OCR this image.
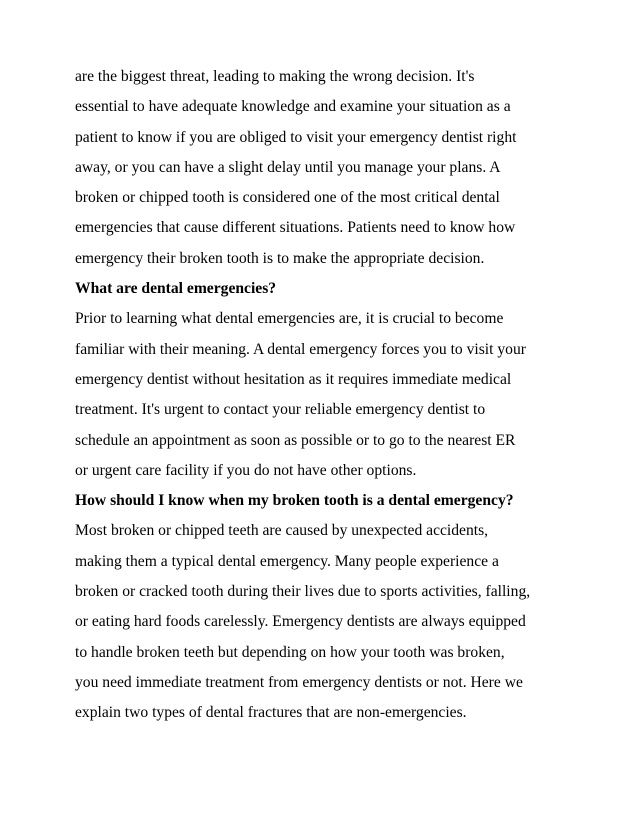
are the biggest threat, leading to making the wrong decision. It's
essential to have adequate knowledge and examine your situation as a
patient to know if you are obliged to visit your emergency dentist right
away, or you can have a slight delay until you manage your plans. A
broken or chipped tooth is considered one of the most critical dental
emergencies that cause different situations. Patients need to know how
emergency their broken tooth is to make the appropriate decision.
What are dental emergencies?
Prior to learning what dental emergencies are, it is crucial to become
familiar with their meaning. A dental emergency forces you to visit your
emergency dentist without hesitation as it requires immediate medical
treatment. It's urgent to contact your reliable emergency dentist to
schedule an appointment as soon as possible or to go to the nearest ER
or urgent care facility if you do not have other options.
How should I know when my broken tooth is a dental emergency?
Most broken or chipped teeth are caused by unexpected accidents,
making them a typical dental emergency. Many people experience a
broken or cracked tooth during their lives due to sports activities, falling,
or eating hard foods carelessly. Emergency dentists are always equipped
to handle broken teeth but depending on how your tooth was broken,
you need immediate treatment from emergency dentists or not. Here we
explain two types of dental fractures that are non-emergencies.
